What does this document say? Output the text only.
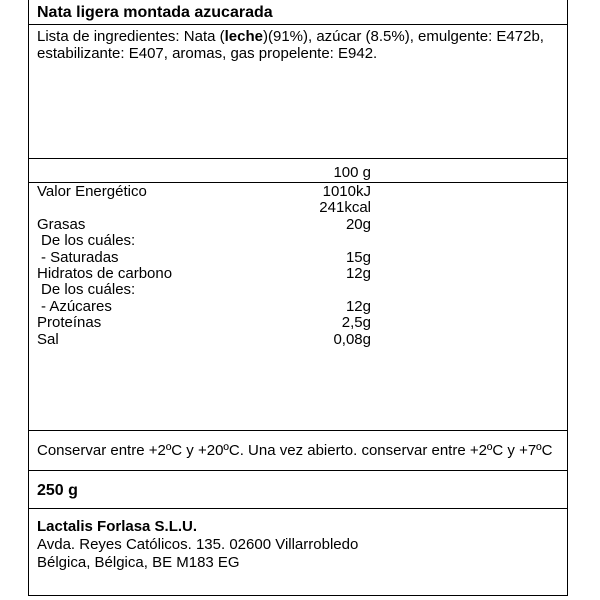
Nata ligera montada azucarada
Lista de ingredientes: Nata (leche)(91%), azúcar (8.5%), emulgente: E472b, estabilizante: E407, aromas, gas propelente: E942.
100 g
Valor Energético	1010kJ
241kcal
Grasas	20g
De los cuáles:
- Saturadas	15g
Hidratos de carbono	12g
De los cuáles:
- Azúcares	12g
Proteínas	2,5g
Sal	0,08g
Conservar entre +2ºC y +20ºC. Una vez abierto. conservar entre +2ºC y +7ºC
250 g
Lactalis Forlasa S.L.U.
Avda. Reyes Católicos. 135. 02600 Villarrobledo
Bélgica, Bélgica, BE M183 EG
